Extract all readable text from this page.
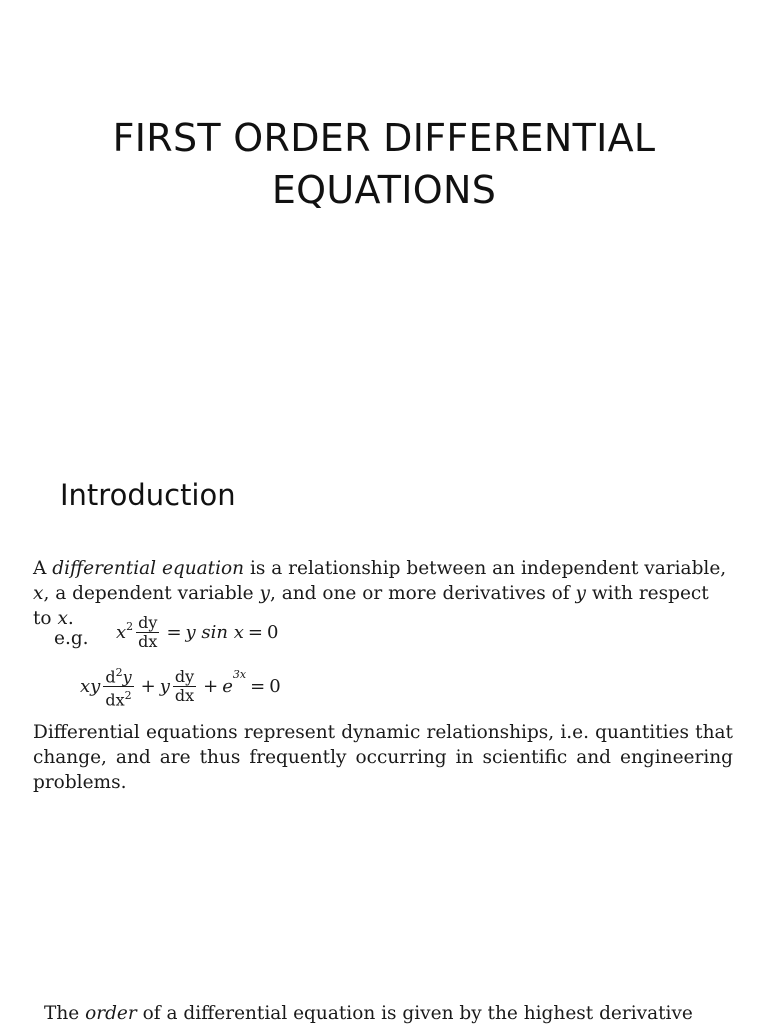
FIRST ORDER DIFFERENTIAL
EQUATIONS
Introduction

A differential equation is a relationship between an independent variable, x, a dependent variable y, and one or more derivatives of y with respect to x.

e.g. $x^2 \frac{dy}{dx} = y$ sin x = 0
xy $\frac{d^2y}{dx^2} + y \frac{dy}{dx} + e$
$^{3x}$
= 0

Differential equations represent dynamic relationships, i.e. quantities that change, and are thus frequently occurring in scientific and engineering problems.

The order of a differential equation is given by the highest derivative
